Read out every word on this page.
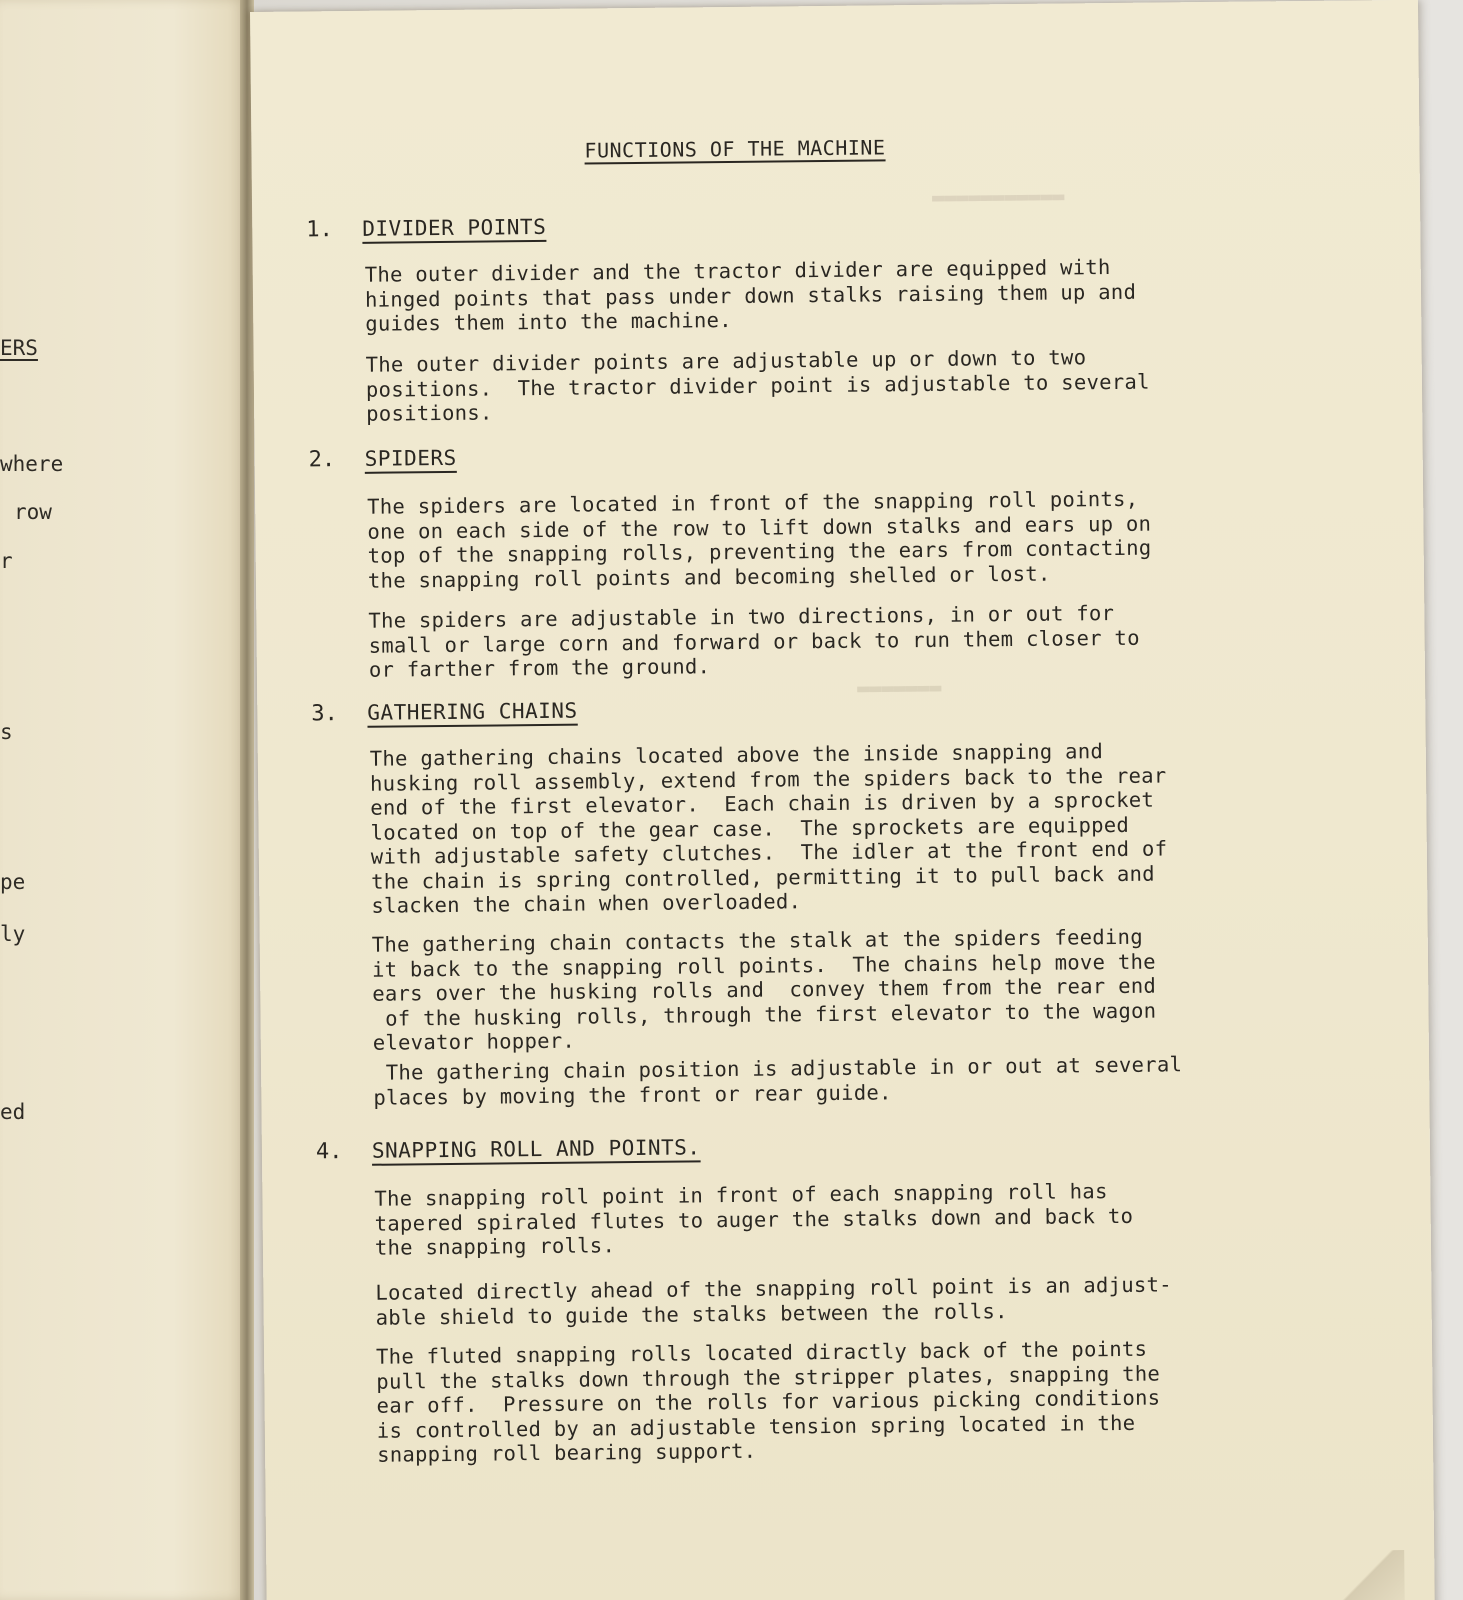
ERS
where
row
r
s
pe
ly
ed
▬▬▬▬▬▬▬▬▬▬▬
▬▬▬▬▬▬▬
FUNCTIONS OF THE MACHINE
1. DIVIDER POINTS
The outer divider and the tractor divider are equipped with
hinged points that pass under down stalks raising them up and
guides them into the machine.
The outer divider points are adjustable up or down to two
positions.  The tractor divider point is adjustable to several
positions.
2. SPIDERS
The spiders are located in front of the snapping roll points,
one on each side of the row to lift down stalks and ears up on
top of the snapping rolls, preventing the ears from contacting
the snapping roll points and becoming shelled or lost.
The spiders are adjustable in two directions, in or out for
small or large corn and forward or back to run them closer to
or farther from the ground.
3. GATHERING CHAINS
The gathering chains located above the inside snapping and
husking roll assembly, extend from the spiders back to the rear
end of the first elevator.  Each chain is driven by a sprocket
located on top of the gear case.  The sprockets are equipped
with adjustable safety clutches.  The idler at the front end of
the chain is spring controlled, permitting it to pull back and
slacken the chain when overloaded.
The gathering chain contacts the stalk at the spiders feeding
it back to the snapping roll points.  The chains help move the
ears over the husking rolls and  convey them from the rear end
of the husking rolls, through the first elevator to the wagon
elevator hopper.
The gathering chain position is adjustable in or out at several
places by moving the front or rear guide.
4. SNAPPING ROLL AND POINTS.
The snapping roll point in front of each snapping roll has
tapered spiraled flutes to auger the stalks down and back to
the snapping rolls.
Located directly ahead of the snapping roll point is an adjust-
able shield to guide the stalks between the rolls.
The fluted snapping rolls located diractly back of the points
pull the stalks down through the stripper plates, snapping the
ear off.  Pressure on the rolls for various picking conditions
is controlled by an adjustable tension spring located in the
snapping roll bearing support.
